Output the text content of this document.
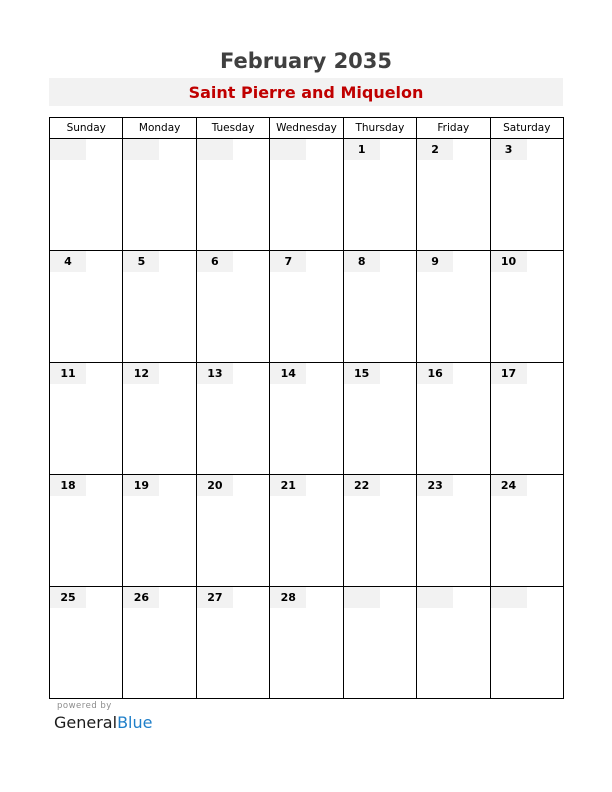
February 2035
Saint Pierre and Miquelon
Sunday	Monday	Tuesday	Wednesday	Thursday	Friday	Saturday

				1	2	3

4	5	6	7	8	9	10

11	12	13	14	15	16	17

18	19	20	21	22	23	24

25	26	27	28			

powered by
GeneralBlue
